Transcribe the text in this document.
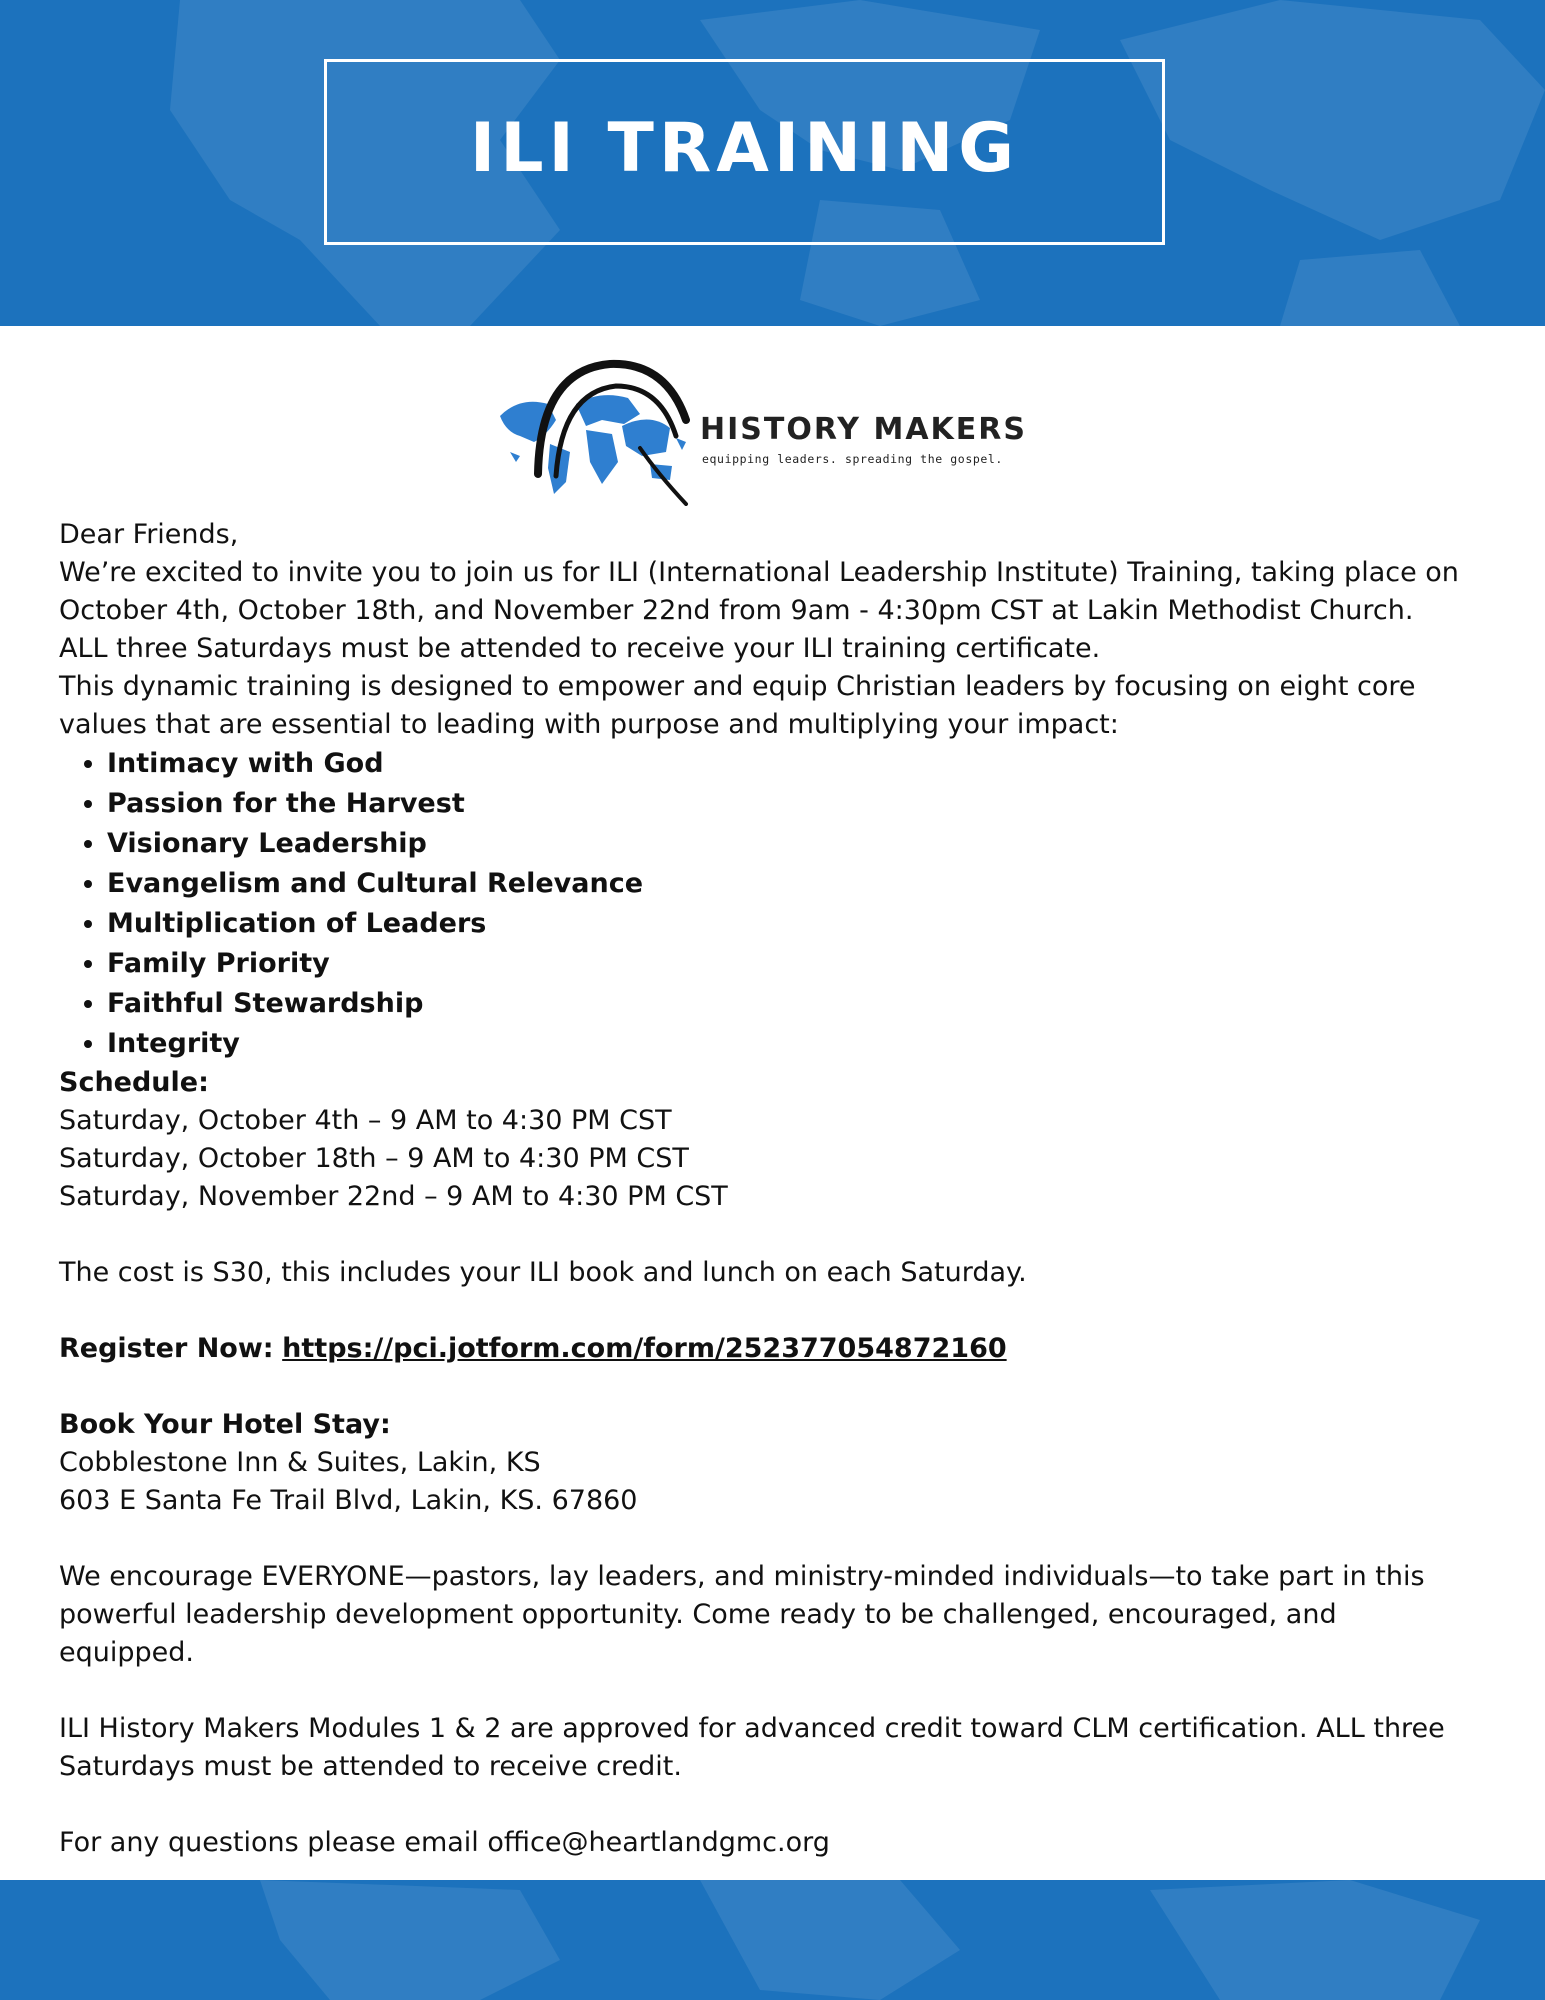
ILI TRAINING
HISTORY MAKERS
equipping leaders. spreading the gospel.

Dear Friends,

We’re excited to invite you to join us for ILI (International Leadership Institute) Training, taking place on October 4th, October 18th, and November 22nd from 9am - 4:30pm CST at Lakin Methodist Church. ALL three Saturdays must be attended to receive your ILI training certificate.

This dynamic training is designed to empower and equip Christian leaders by focusing on eight core values that are essential to leading with purpose and multiplying your impact:

• Intimacy with God
• Passion for the Harvest
• Visionary Leadership
• Evangelism and Cultural Relevance
• Multiplication of Leaders
• Family Priority
• Faithful Stewardship
• Integrity

Schedule:

Saturday, October 4th – 9 AM to 4:30 PM CST

Saturday, October 18th – 9 AM to 4:30 PM CST

Saturday, November 22nd – 9 AM to 4:30 PM CST

The cost is S30, this includes your ILI book and lunch on each Saturday.

Register Now: https://pci.jotform.com/form/252377054872160

Book Your Hotel Stay:

Cobblestone Inn & Suites, Lakin, KS

603 E Santa Fe Trail Blvd, Lakin, KS. 67860

We encourage EVERYONE—pastors, lay leaders, and ministry-minded individuals—to take part in this powerful leadership development opportunity. Come ready to be challenged, encouraged, and equipped.

ILI History Makers Modules 1 & 2 are approved for advanced credit toward CLM certification. ALL three Saturdays must be attended to receive credit.

For any questions please email office@heartlandgmc.org
